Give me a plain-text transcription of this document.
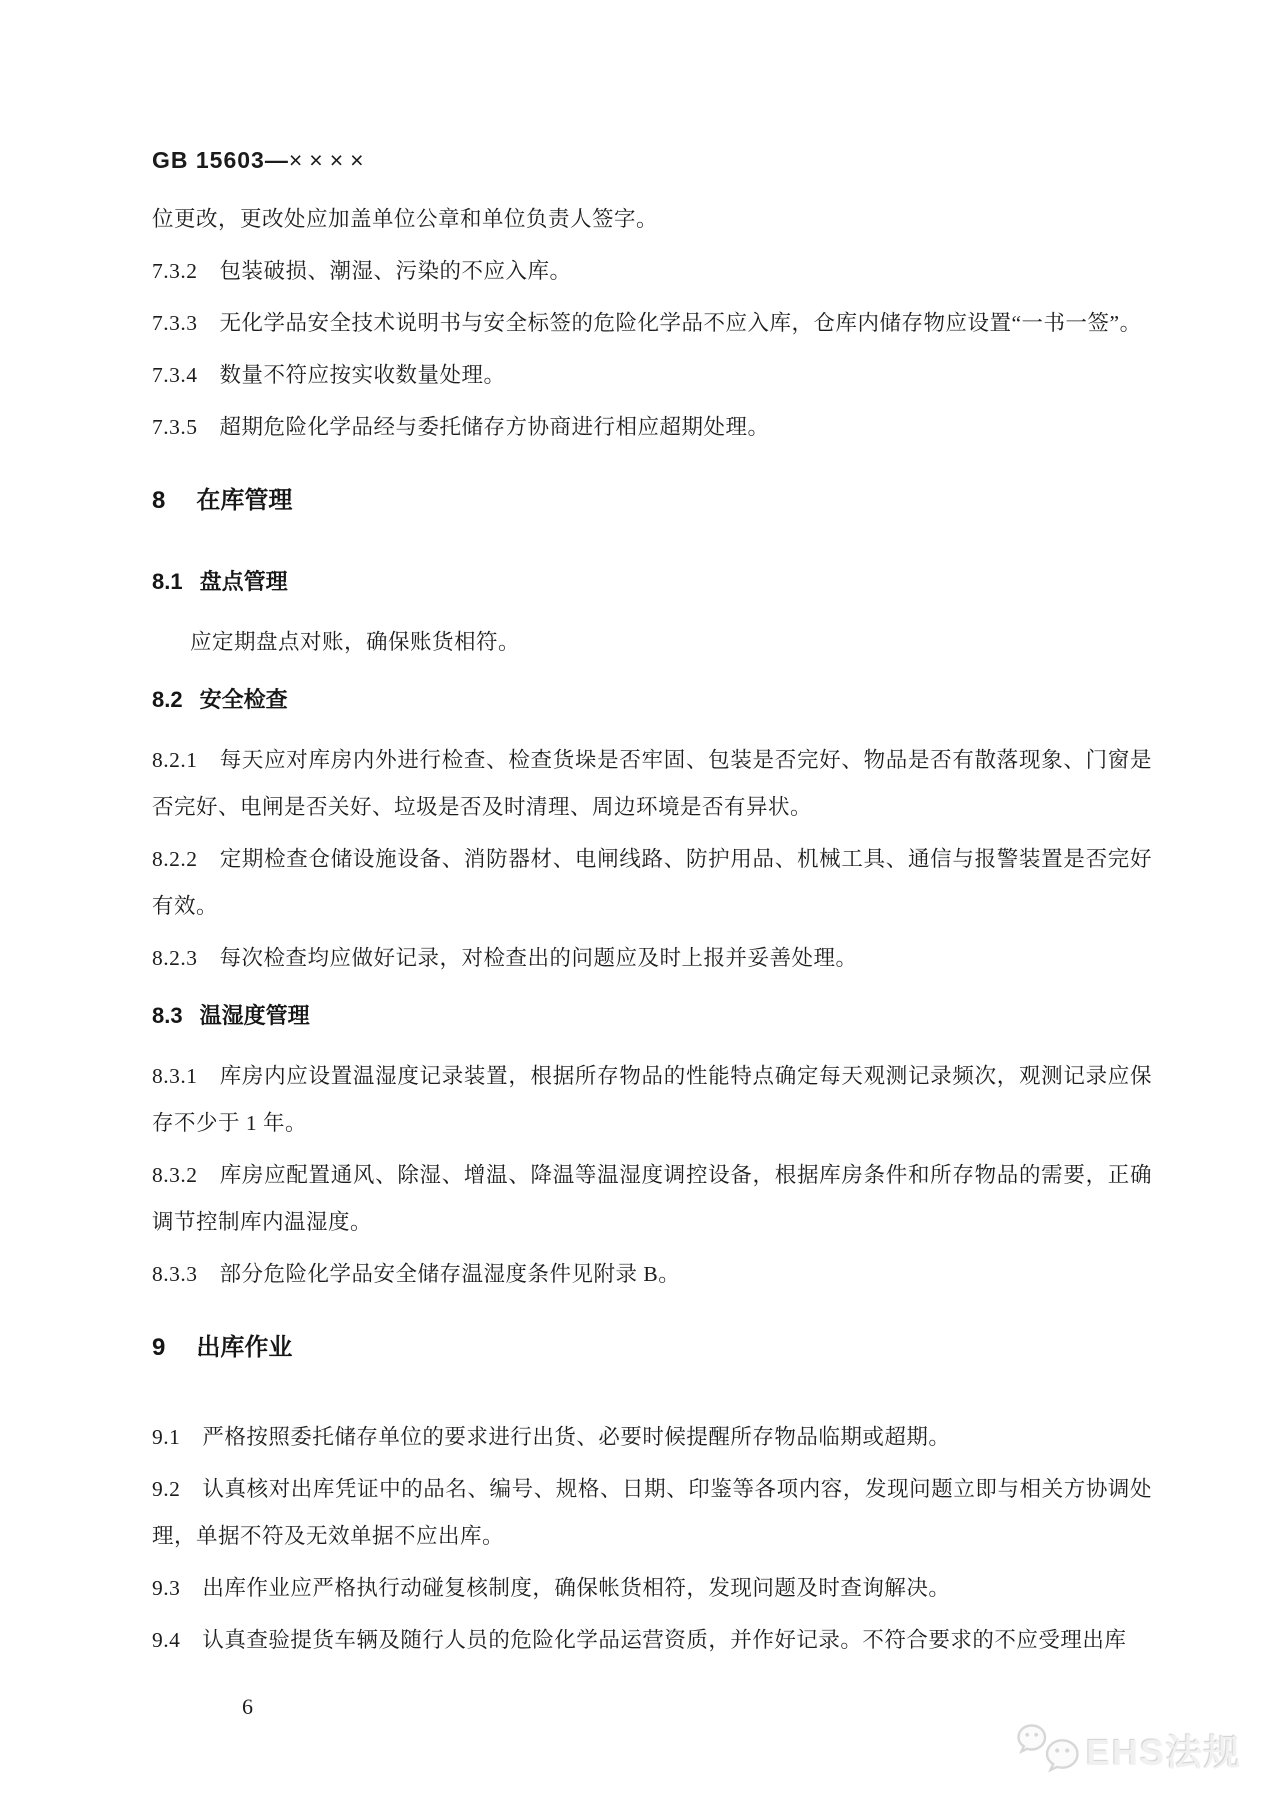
GB 15603—××××

位更改，更改处应加盖单位公章和单位负责人签字。

7.3.2 包装破损、潮湿、污染的不应入库。

7.3.3 无化学品安全技术说明书与安全标签的危险化学品不应入库，仓库内储存物应设置“一书一签”。

7.3.4 数量不符应按实收数量处理。

7.3.5 超期危险化学品经与委托储存方协商进行相应超期处理。

8 在库管理
8.1 盘点管理

应定期盘点对账，确保账货相符。

8.2 安全检查

8.2.1 每天应对库房内外进行检查、检查货垛是否牢固、包装是否完好、物品是否有散落现象、门窗是否完好、电闸是否关好、垃圾是否及时清理、周边环境是否有异状。

8.2.2 定期检查仓储设施设备、消防器材、电闸线路、防护用品、机械工具、通信与报警装置是否完好有效。

8.2.3 每次检查均应做好记录，对检查出的问题应及时上报并妥善处理。

8.3 温湿度管理

8.3.1 库房内应设置温湿度记录装置，根据所存物品的性能特点确定每天观测记录频次，观测记录应保存不少于 1 年。

8.3.2 库房应配置通风、除湿、增温、降温等温湿度调控设备，根据库房条件和所存物品的需要，正确调节控制库内温湿度。

8.3.3 部分危险化学品安全储存温湿度条件见附录 B。

9 出库作业

9.1 严格按照委托储存单位的要求进行出货、必要时候提醒所存物品临期或超期。

9.2 认真核对出库凭证中的品名、编号、规格、日期、印鉴等各项内容，发现问题立即与相关方协调处理，单据不符及无效单据不应出库。

9.3 出库作业应严格执行动碰复核制度，确保帐货相符，发现问题及时查询解决。

9.4 认真查验提货车辆及随行人员的危险化学品运营资质，并作好记录。不符合要求的不应受理出库

6
EHS法规
